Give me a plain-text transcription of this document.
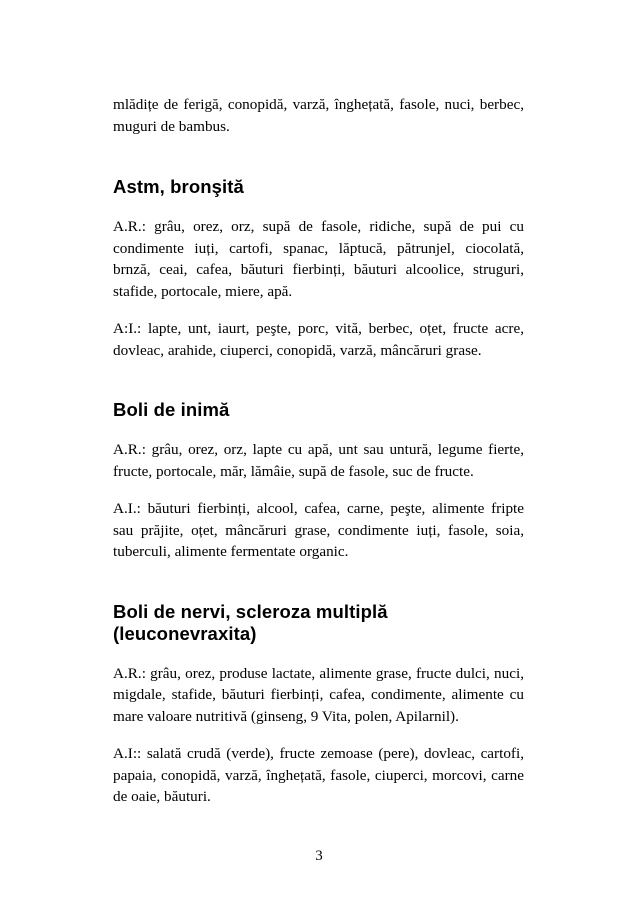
mlădițe de ferigă, conopidă, varză, înghețată, fasole, nuci, berbec, muguri de bambus.

Astm, bronşită

A.R.: grâu, orez, orz, supă de fasole, ridiche, supă de pui cu condimente iuți, cartofi, spanac, lăptucă, pătrunjel, ciocolată, brnză, ceai, cafea, băuturi fierbinți, băuturi alcoolice, struguri, stafide, portocale, miere, apă.

A:I.: lapte, unt, iaurt, peşte, porc, vită, berbec, oțet, fructe acre, dovleac, arahide, ciuperci, conopidă, varză, mâncăruri grase.

Boli de inimă

A.R.: grâu, orez, orz, lapte cu apă, unt sau untură, legume fierte, fructe, portocale, măr, lămâie, supă de fasole, suc de fructe.

A.I.: băuturi fierbinți, alcool, cafea, carne, peşte, alimente fripte sau prăjite, oțet, mâncăruri grase, condimente iuți, fasole, soia, tuberculi, alimente fermentate organic.

Boli de nervi, scleroza multiplă (leuconevraxita)

A.R.: grâu, orez, produse lactate, alimente grase, fructe dulci, nuci, migdale, stafide, băuturi fierbinți, cafea, condimente, alimente cu mare valoare nutritivă (ginseng, 9 Vita, polen, Apilarnil).

A.I:: salată crudă (verde), fructe zemoase (pere), dovleac, cartofi, papaia, conopidă, varză, înghețată, fasole, ciuperci, morcovi, carne de oaie, băuturi.

3
